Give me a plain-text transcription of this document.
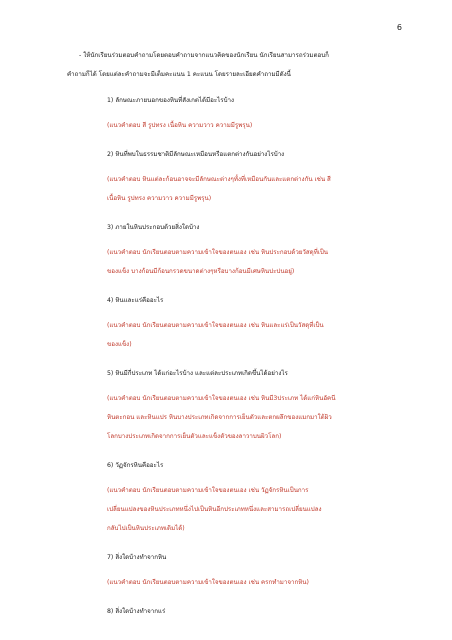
6
- ให้นักเรียนร่วมตอบคำถามโดยตอบคำถามจากแนวคิดของนักเรียน นักเรียนสามารถร่วมตอบก็
คำถามก็ได้ โดยแต่ละคำถามจะมีเต็มคะแนน 1 คะแนน โดยรายละเอียดคำถามมีดังนี้
1) ลักษณะภายนอกของหินที่สังเกตได้มีอะไรบ้าง
(แนวคำตอบ สี รูปทรง เนื้อหิน ความวาว ความมีรูพรุน)
2) หินที่พบในธรรมชาติมีลักษณะเหมือนหรือแตกต่างกันอย่างไรบ้าง
(แนวคำตอบ หินแต่ละก้อนอาจจะมีลักษณะต่างๆทั้งที่เหมือนกันและแตกต่างกัน เช่น สี
เนื้อหิน รูปทรง ความวาว ความมีรูพรุน)
3) ภายในหินประกอบด้วยสิ่งใดบ้าง
(แนวคำตอบ นักเรียนตอบตามความเข้าใจของตนเอง เช่น หินประกอบด้วยวัสดุที่เป็น
ของแข็ง บางก้อนมีก้อนกรวดขนาดต่างๆหรือบางก้อนมีเศษหินปะปนอยู่)
4) หินและแร่คืออะไร
(แนวคำตอบ นักเรียนตอบตามความเข้าใจของตนเอง เช่น หินและแร่เป็นวัสดุที่เป็น
ของแข็ง)
5) หินมีกี่ประเภท ได้แก่อะไรบ้าง และแต่ละประเภทเกิดขึ้นได้อย่างไร
(แนวคำตอบ นักเรียนตอบตามความเข้าใจของตนเอง เช่น หินมี3ประเภท ได้แก่หินอัคนี
หินตะกอน และหินแปร หินบางประเภทเกิดจากการเย็นตัวและตกผลึกของแมกมาใต้ผิว
โลกบางประเภทเกิดจากการเย็นตัวและแข็งตัวของลาวาบนผิวโลก)
6) วัฏจักรหินคืออะไร
(แนวคำตอบ นักเรียนตอบตามความเข้าใจของตนเอง เช่น วัฏจักรหินเป็นการ
เปลี่ยนแปลงของหินประเภทหนึ่งไปเป็นหินอีกประเภทหนึ่งและสามารถเปลี่ยนแปลง
กลับไปเป็นหินประเภทเดิมได้)
7) สิ่งใดบ้างทำจากหิน
(แนวคำตอบ นักเรียนตอบตามความเข้าใจของตนเอง เช่น ครกทำมาจากหิน)
8) สิ่งใดบ้างทำจากแร่
